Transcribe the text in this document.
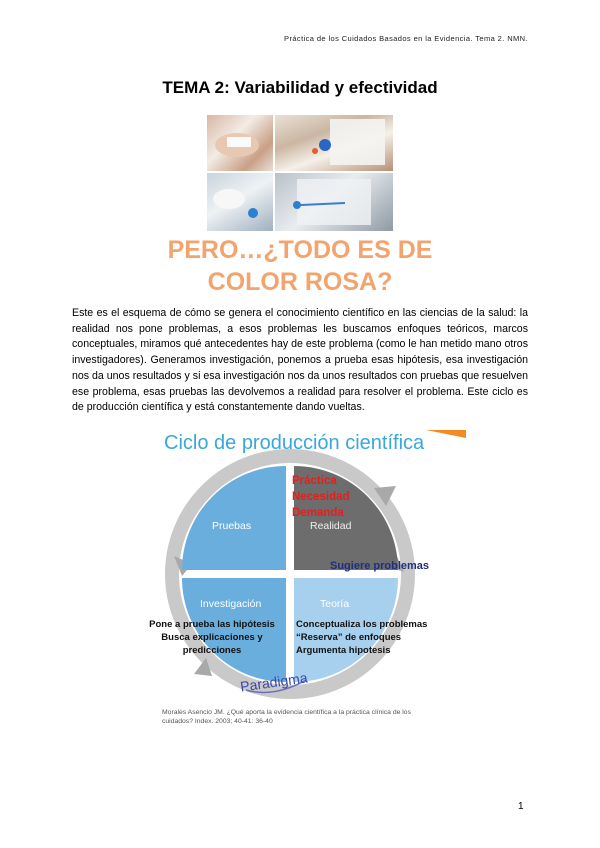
Práctica de los Cuidados Basados en la Evidencia. Tema 2. NMN.
TEMA 2: Variabilidad y efectividad
PERO…¿TODO ES DE
COLOR ROSA?
Este es el esquema de cómo se genera el conocimiento científico en las ciencias de la salud: la realidad nos pone problemas, a esos problemas les buscamos enfoques teóricos, marcos conceptuales, miramos qué antecedentes hay de este problema (como le han metido mano otros investigadores). Generamos investigación, ponemos a prueba esas hipótesis, esa investigación nos da unos resultados y si esa investigación nos da unos resultados con pruebas que resuelven ese problema, esas pruebas las devolvemos a realidad para resolver el problema. Este ciclo es de producción científica y está constantemente dando vueltas.
Ciclo de producción científica
Pruebas	Realidad
Investigación	Teoría
Práctica
Necesidad
Demanda
Sugiere problemas
Pone a prueba las hipótesis
Busca explicaciones y
predicciones
Conceptualiza los problemas
“Reserva” de enfoques
Argumenta hipotesis
Paradigma
Morales Asencio JM. ¿Qué aporta la evidencia científica a la práctica clínica de los
cuidados? Index. 2003; 40-41: 36-40
1
